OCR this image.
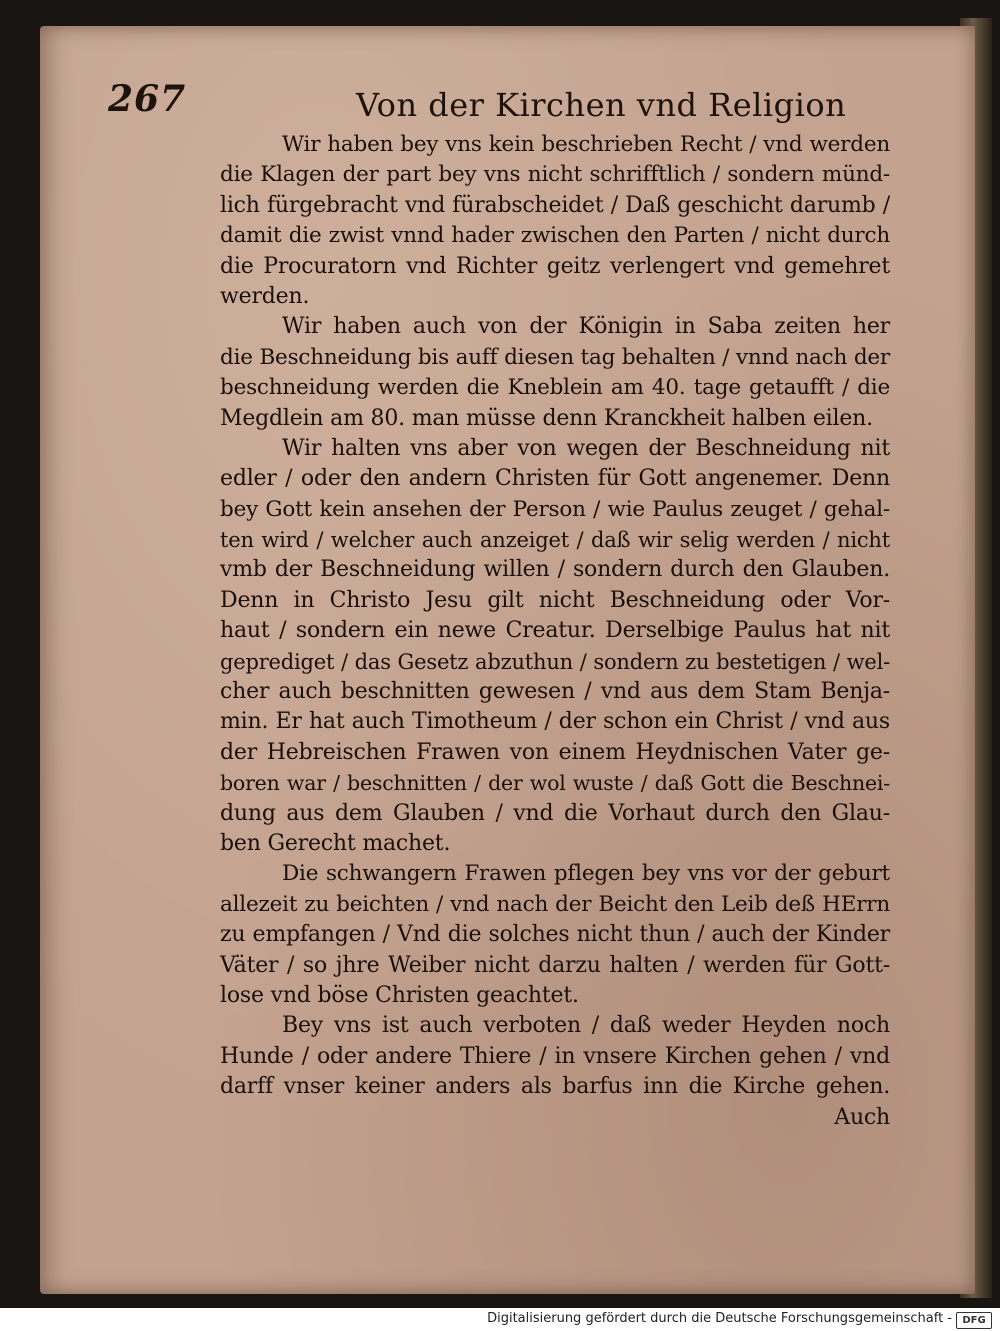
267	Von der Kirchen vnd Religion
Wir haben bey vns kein beschrieben Recht / vnd werden
die Klagen der part bey vns nicht schrifftlich / sondern münd-
lich fürgebracht vnd fürabscheidet / Daß geschicht darumb /
damit die zwist vnnd hader zwischen den Parten / nicht durch
die Procuratorn vnd Richter geitz verlengert vnd gemehret
werden.
Wir haben auch von der Königin in Saba zeiten her
die Beschneidung bis auff diesen tag behalten / vnnd nach der
beschneidung werden die Kneblein am 40. tage getaufft / die
Megdlein am 80. man müsse denn Kranckheit halben eilen.
Wir halten vns aber von wegen der Beschneidung nit
edler / oder den andern Christen für Gott angenemer. Denn
bey Gott kein ansehen der Person / wie Paulus zeuget / gehal-
ten wird / welcher auch anzeiget / daß wir selig werden / nicht
vmb der Beschneidung willen / sondern durch den Glauben.
Denn in Christo Jesu gilt nicht Beschneidung oder Vor-
haut / sondern ein newe Creatur. Derselbige Paulus hat nit
geprediget / das Gesetz abzuthun / sondern zu bestetigen / wel-
cher auch beschnitten gewesen / vnd aus dem Stam Benja-
min. Er hat auch Timotheum / der schon ein Christ / vnd aus
der Hebreischen Frawen von einem Heydnischen Vater ge-
boren war / beschnitten / der wol wuste / daß Gott die Beschnei-
dung aus dem Glauben / vnd die Vorhaut durch den Glau-
ben Gerecht machet.
Die schwangern Frawen pflegen bey vns vor der geburt
allezeit zu beichten / vnd nach der Beicht den Leib deß HErrn
zu empfangen / Vnd die solches nicht thun / auch der Kinder
Väter / so jhre Weiber nicht darzu halten / werden für Gott-
lose vnd böse Christen geachtet.
Bey vns ist auch verboten / daß weder Heyden noch
Hunde / oder andere Thiere / in vnsere Kirchen gehen / vnd
darff vnser keiner anders als barfus inn die Kirche gehen.
Auch
Digitalisierung gefördert durch die Deutsche Forschungsgemeinschaft -	DFG
